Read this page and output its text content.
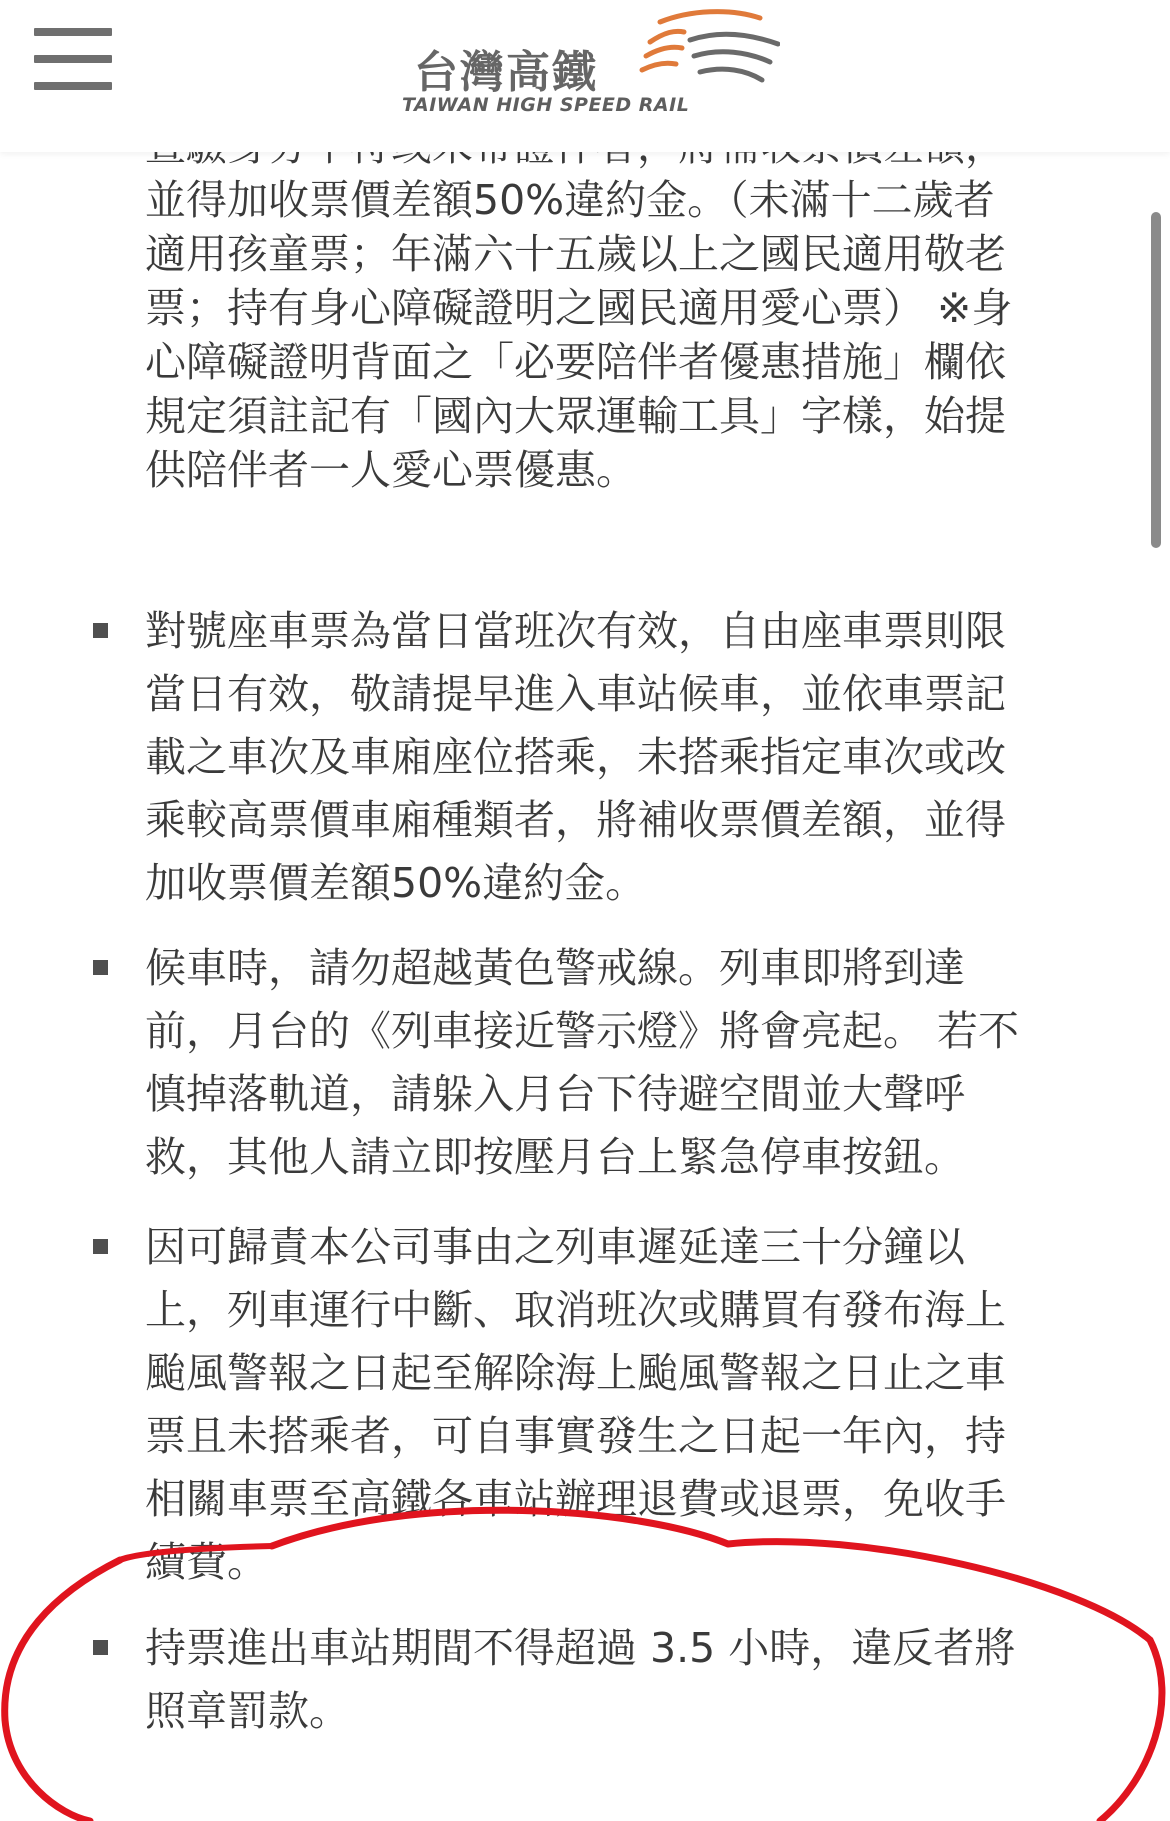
並得加收票價差額50%違約金。（未滿十二歲者
適用孩童票；年滿六十五歲以上之國民適用敬老
票；持有身心障礙證明之國民適用愛心票） ※身
心障礙證明背面之「必要陪伴者優惠措施」欄依
規定須註記有「國內大眾運輸工具」字樣，始提
供陪伴者一人愛心票優惠。
對號座車票為當日當班次有效，自由座車票則限
當日有效，敬請提早進入車站候車，並依車票記
載之車次及車廂座位搭乘，未搭乘指定車次或改
乘較高票價車廂種類者，將補收票價差額，並得
加收票價差額50%違約金。
候車時，請勿超越黃色警戒線。列車即將到達
前，月台的《列車接近警示燈》將會亮起。 若不
慎掉落軌道，請躲入月台下待避空間並大聲呼
救，其他人請立即按壓月台上緊急停車按鈕。
因可歸責本公司事由之列車遲延達三十分鐘以
上，列車運行中斷、取消班次或購買有發布海上
颱風警報之日起至解除海上颱風警報之日止之車
票且未搭乘者，可自事實發生之日起一年內，持
相關車票至高鐵各車站辦理退費或退票，免收手
續費。
持票進出車站期間不得超過 3.5 小時，違反者將
照章罰款。
台灣高鐵
TAIWAN HIGH SPEED RAIL
